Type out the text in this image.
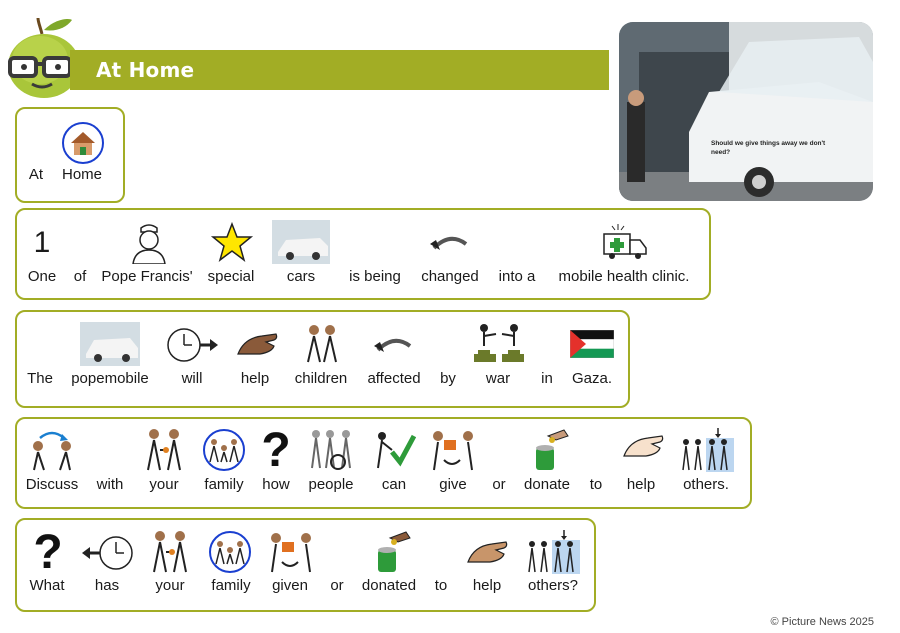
At Home
Should we give things away we don't need?
At Home
1
One of Pope Francis' special cars is being changed into a mobile health clinic.
The popemobile will	help children affected by war in Gaza.
?
Discuss with your family how people can give or donate to help others.
?
What has your family given or donated to help others?
© Picture News 2025
